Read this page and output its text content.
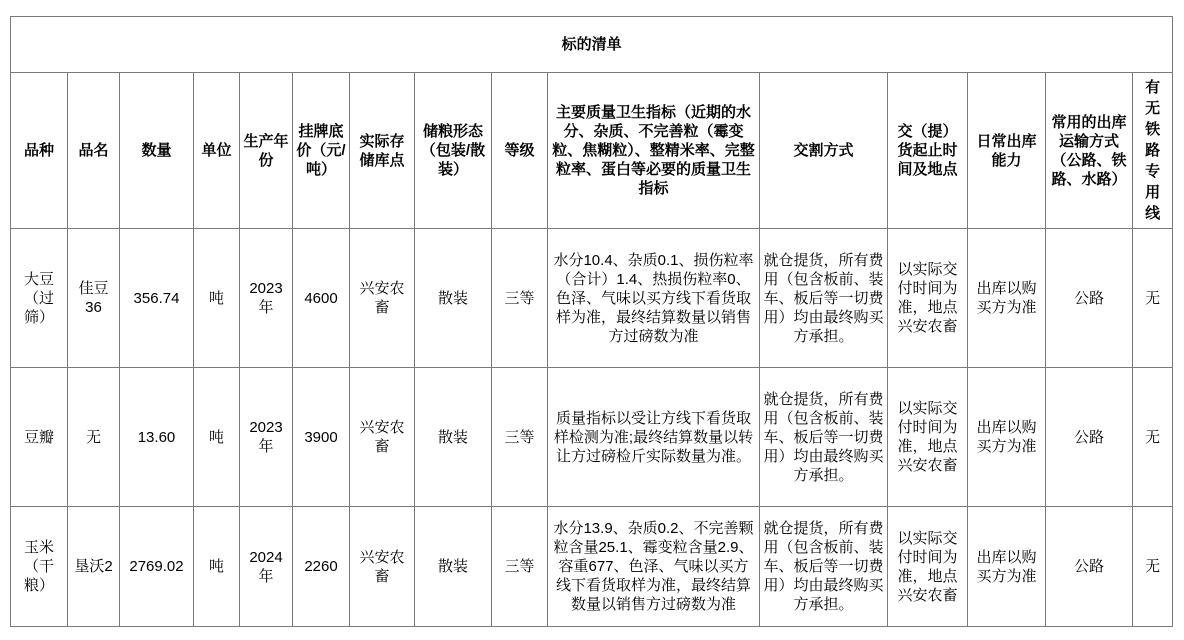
标的清单														
品种	品名	数量	单位	生产年份	挂牌底价（元/吨）	实际存储库点	储粮形态（包装/散装）	等级	主要质量卫生指标（近期的水分、杂质、不完善粒（霉变粒、焦糊粒）、整精米率、完整粒率、蛋白等必要的质量卫生指标	交割方式	交（提）货起止时间及地点	日常出库能力	常用的出库运输方式（公路、铁路、水路）	有无铁路专用线
大豆（过筛）	佳豆36	356.74	吨	2023年	4600	兴安农畜	散装	三等	水分10.4、杂质0.1、损伤粒率（合计）1.4、热损伤粒率0、色泽、气味以买方线下看货取样为准，最终结算数量以销售方过磅数为准	就仓提货，所有费用（包含板前、装车、板后等一切费用）均由最终购买方承担。	以实际交付时间为准，地点兴安农畜	出库以购买方为准	公路	无
豆瓣	无	13.60	吨	2023年	3900	兴安农畜	散装	三等	质量指标以受让方线下看货取样检测为准;最终结算数量以转让方过磅检斤实际数量为准。	就仓提货，所有费用（包含板前、装车、板后等一切费用）均由最终购买方承担。	以实际交付时间为准，地点兴安农畜	出库以购买方为准	公路	无
玉米（干粮）	垦沃2	2769.02	吨	2024年	2260	兴安农畜	散装	三等	水分13.9、杂质0.2、不完善颗粒含量25.1、霉变粒含量2.9、容重677、色泽、气味以买方线下看货取样为准，最终结算数量以销售方过磅数为准	就仓提货，所有费用（包含板前、装车、板后等一切费用）均由最终购买方承担。	以实际交付时间为准，地点兴安农畜	出库以购买方为准	公路	无
